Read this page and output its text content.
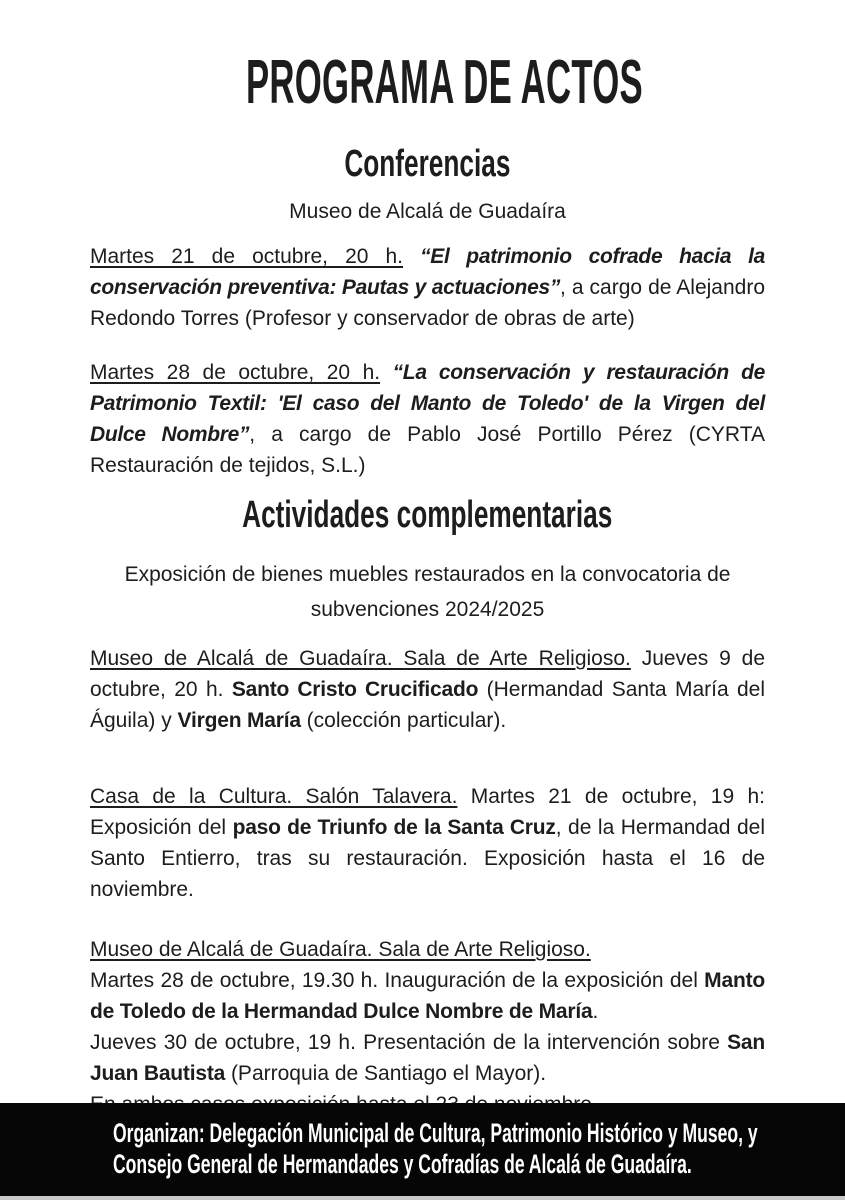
PROGRAMA DE ACTOS
Conferencias

Museo de Alcalá de Guadaíra

Martes 21 de octubre, 20 h. “El patrimonio cofrade hacia la conservación preventiva: Pautas y actuaciones”, a cargo de Alejandro Redondo Torres (Profesor y conservador de obras de arte)

Martes 28 de octubre, 20 h. “La conservación y restauración de Patrimonio Textil: 'El caso del Manto de Toledo' de la Virgen del Dulce Nombre”, a cargo de Pablo José Portillo Pérez (CYRTA Restauración de tejidos, S.L.)

Actividades complementarias

Exposición de bienes muebles restaurados en la convocatoria de subvenciones 2024/2025

Museo de Alcalá de Guadaíra. Sala de Arte Religioso. Jueves 9 de octubre, 20 h. Santo Cristo Crucificado (Hermandad Santa María del Águila) y Virgen María (colección particular).

Casa de la Cultura. Salón Talavera. Martes 21 de octubre, 19 h: Exposición del paso de Triunfo de la Santa Cruz, de la Hermandad del Santo Entierro, tras su restauración. Exposición hasta el 16 de noviembre.

Museo de Alcalá de Guadaíra. Sala de Arte Religioso.

Martes 28 de octubre, 19.30 h. Inauguración de la exposición del Manto de Toledo de la Hermandad Dulce Nombre de María.

Jueves 30 de octubre, 19 h. Presentación de la intervención sobre San Juan Bautista (Parroquia de Santiago el Mayor).

Organizan: Delegación Municipal de Cultura, Patrimonio Histórico y Museo, y
Consejo General de Hermandades y Cofradías de Alcalá de Guadaíra.
